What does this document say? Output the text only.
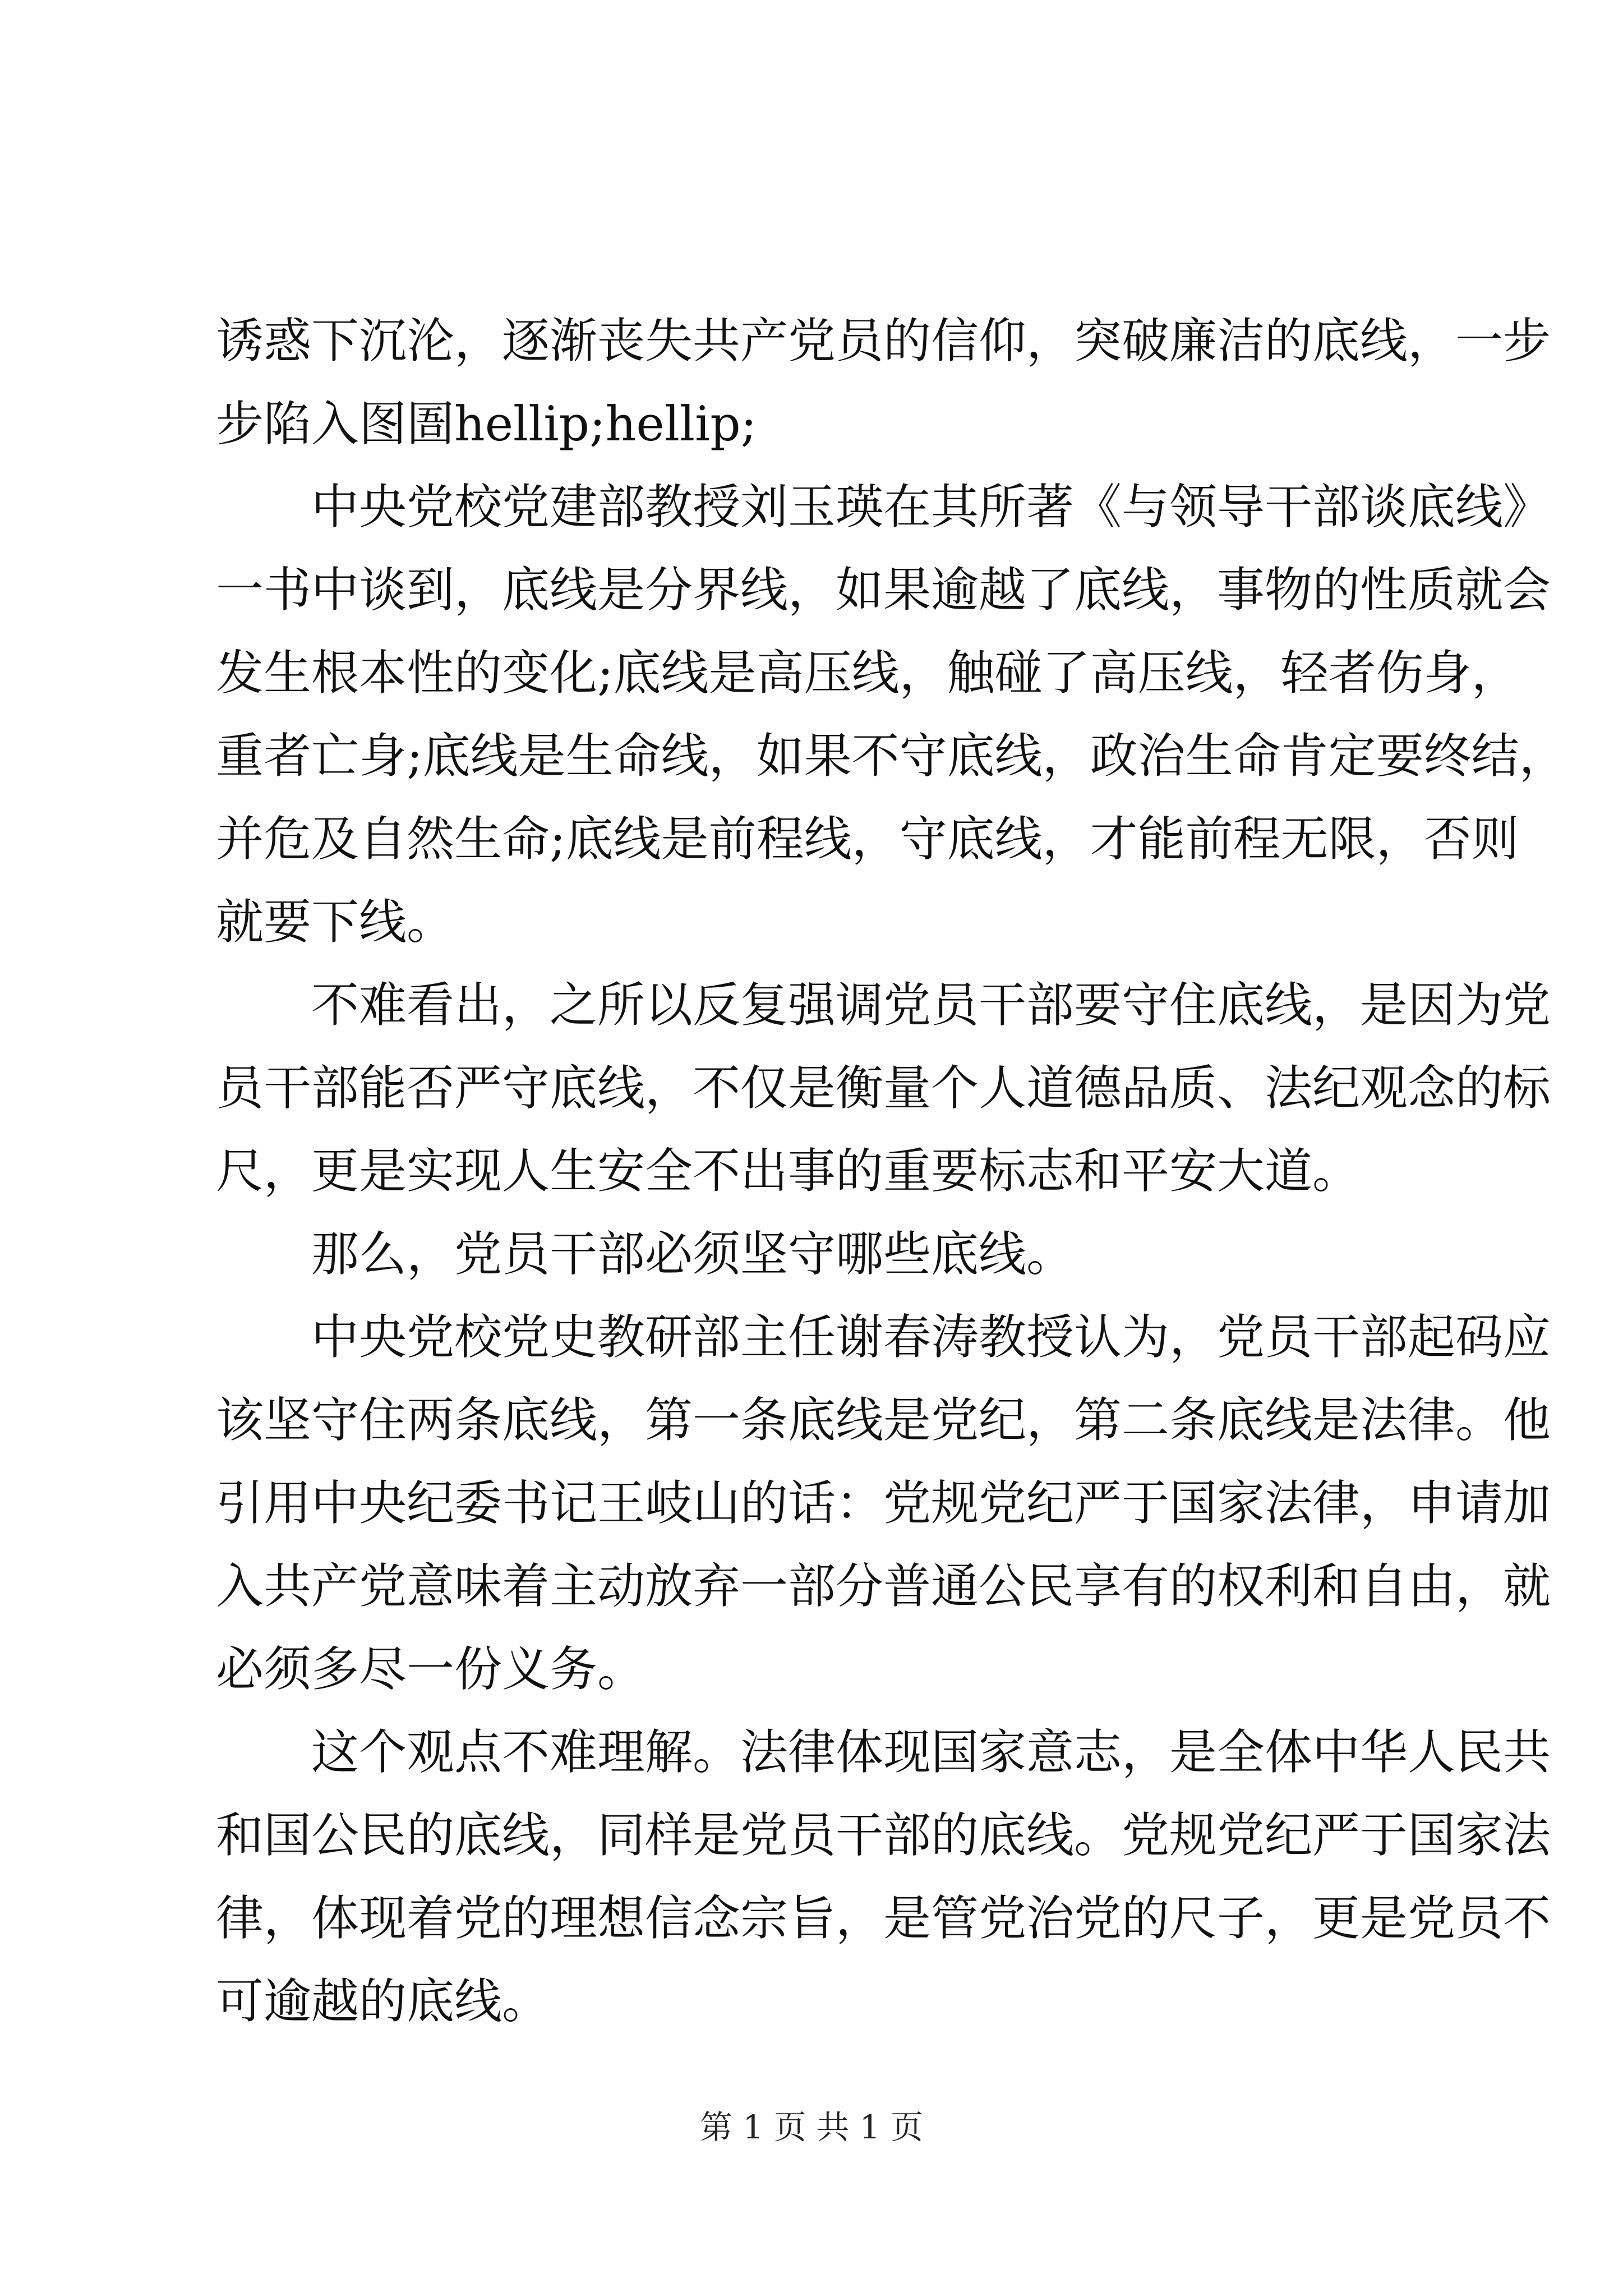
诱惑下沉沦，逐渐丧失共产党员的信仰，突破廉洁的底线，一步
步陷入图圄hellip;hellip;
中央党校党建部教授刘玉瑛在其所著《与领导干部谈底线》
一书中谈到，底线是分界线，如果逾越了底线，事物的性质就会
发生根本性的变化;底线是高压线，触碰了高压线，轻者伤身，
重者亡身;底线是生命线，如果不守底线，政治生命肯定要终结，
并危及自然生命;底线是前程线，守底线，才能前程无限，否则
就要下线。
不难看出，之所以反复强调党员干部要守住底线，是因为党
员干部能否严守底线，不仅是衡量个人道德品质、法纪观念的标
尺，更是实现人生安全不出事的重要标志和平安大道。
那么，党员干部必须坚守哪些底线。
中央党校党史教研部主任谢春涛教授认为，党员干部起码应
该坚守住两条底线，第一条底线是党纪，第二条底线是法律。他
引用中央纪委书记王岐山的话：党规党纪严于国家法律，申请加
入共产党意味着主动放弃一部分普通公民享有的权利和自由，就
必须多尽一份义务。
这个观点不难理解。法律体现国家意志，是全体中华人民共
和国公民的底线，同样是党员干部的底线。党规党纪严于国家法
律，体现着党的理想信念宗旨，是管党治党的尺子，更是党员不
可逾越的底线。
第 1 页 共 1 页
